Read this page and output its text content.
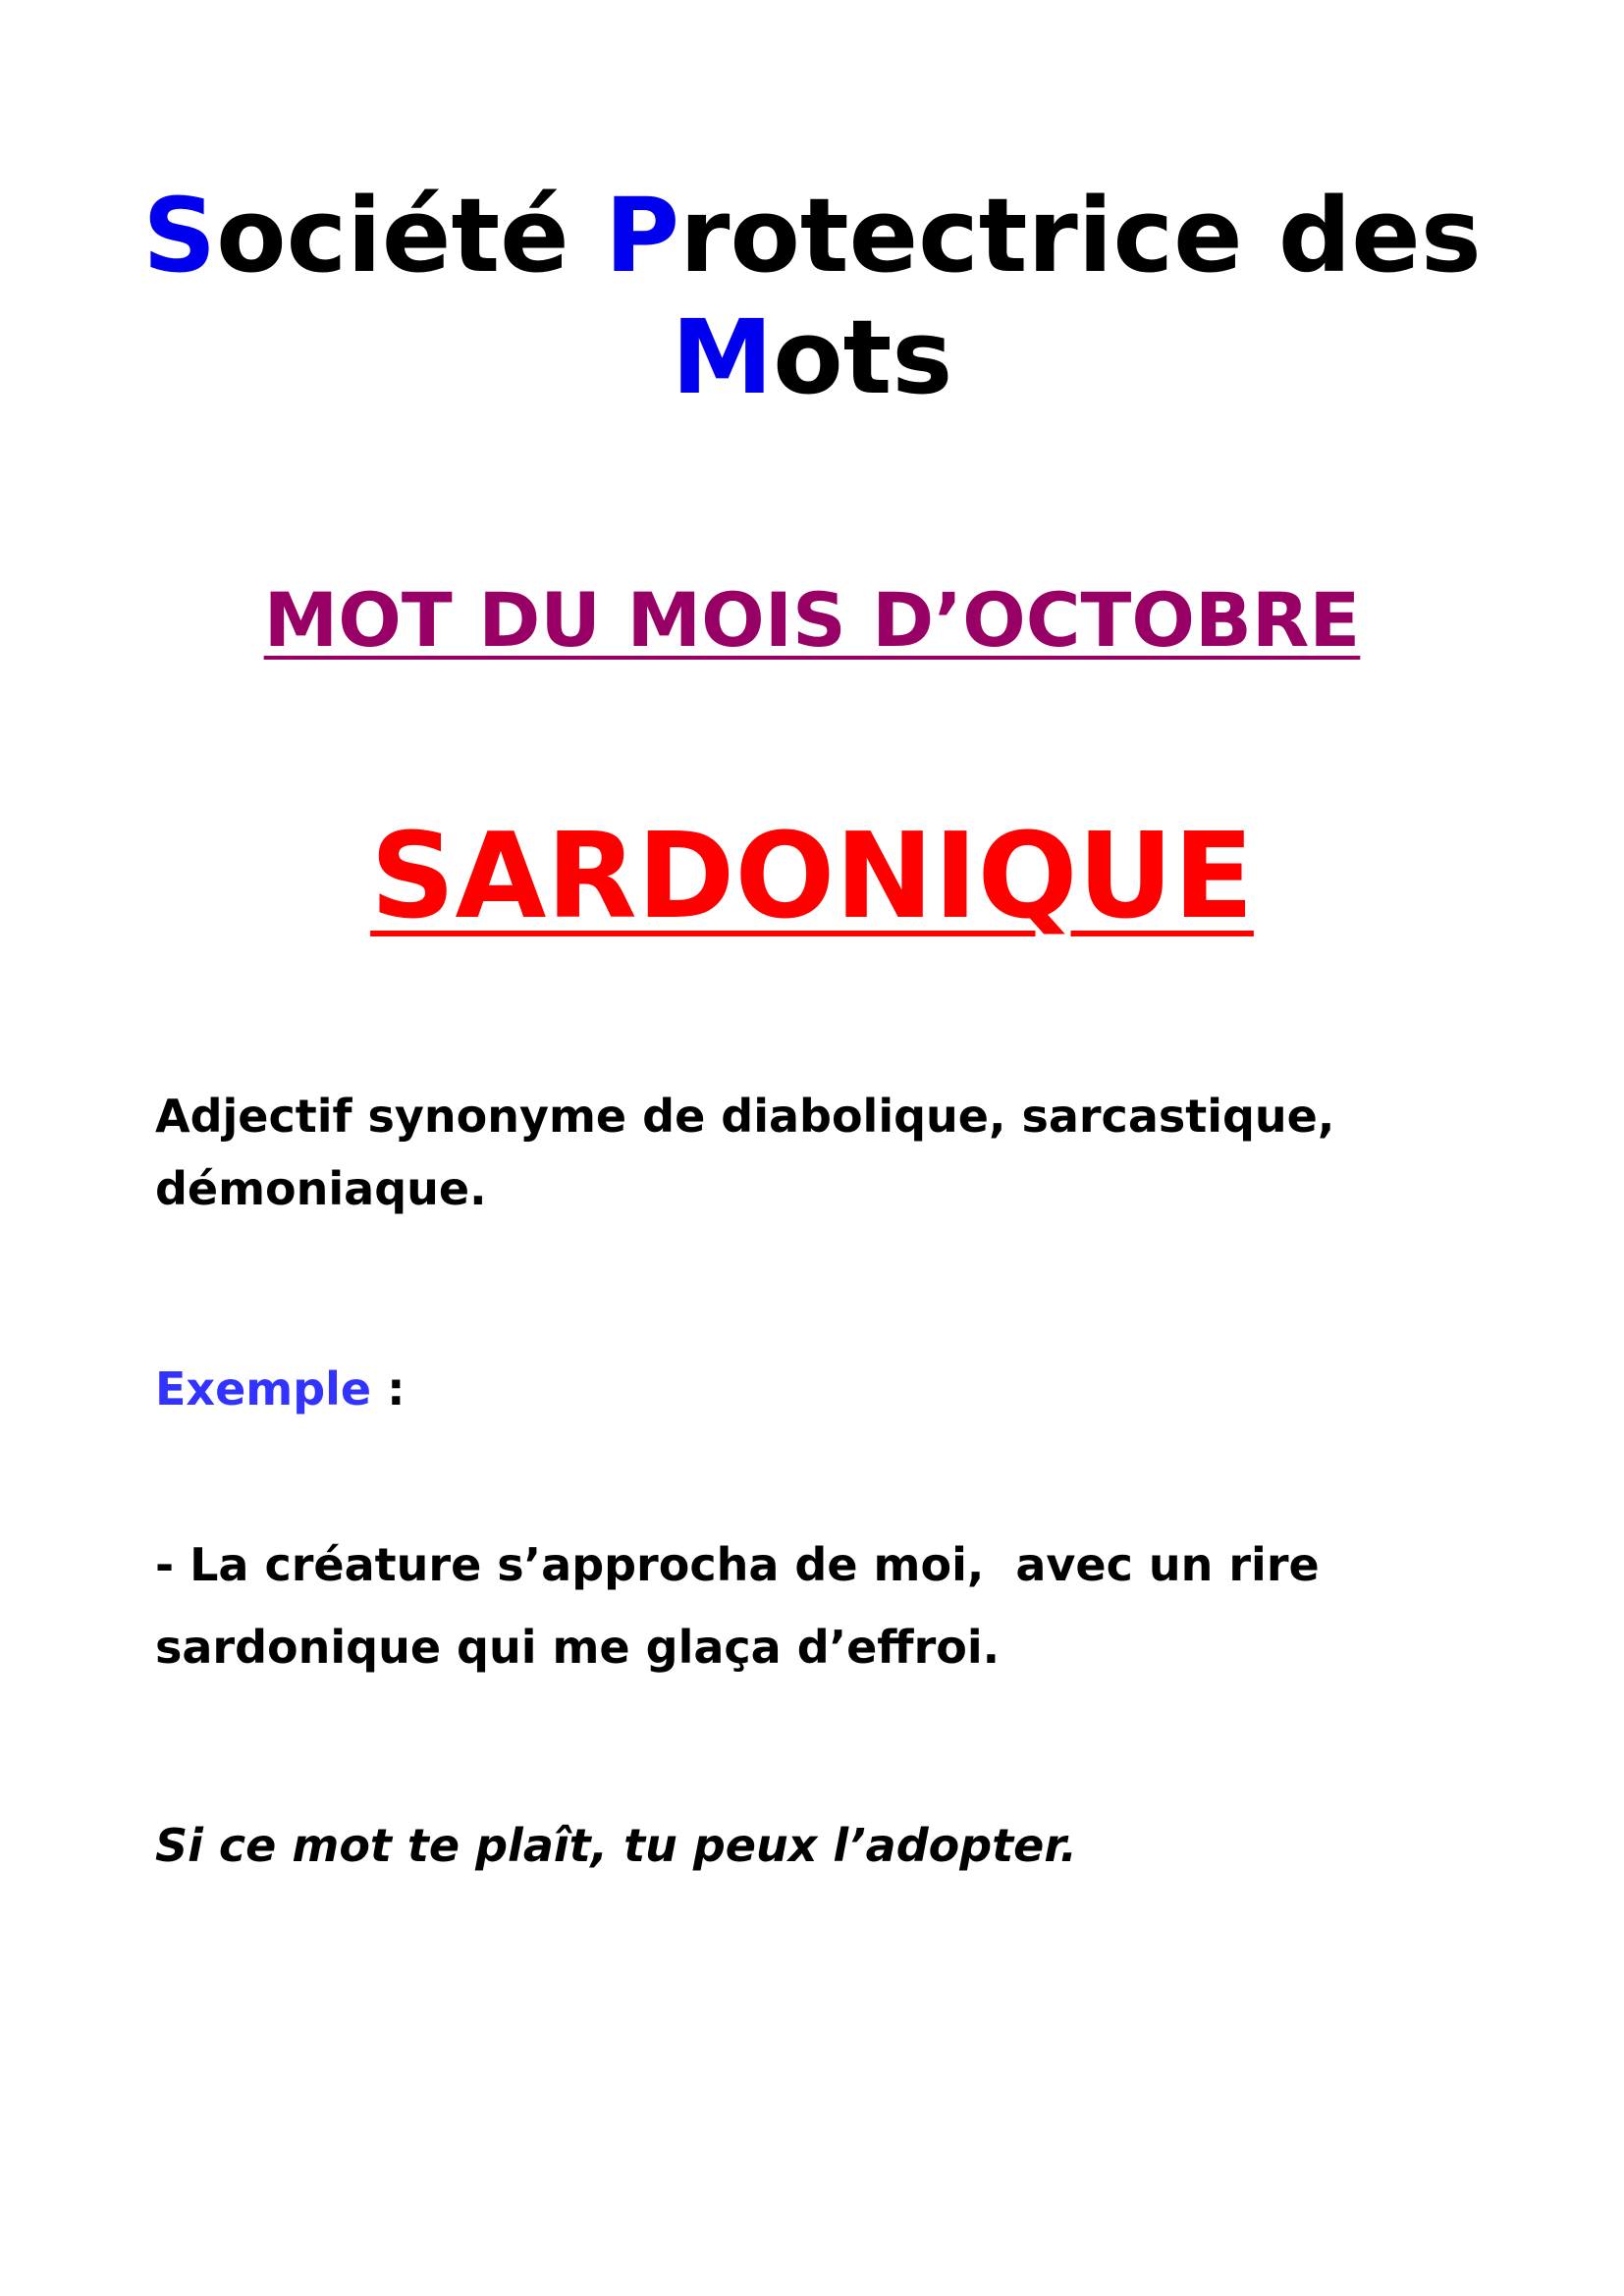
Société Protectrice des
Mots
MOT DU MOIS D’OCTOBRE
SARDONIQUE

Adjectif synonyme de diabolique, sarcastique,
démoniaque.

Exemple :

- La créature s’approcha de moi,  avec un rire
sardonique qui me glaça d’effroi.

Si ce mot te plaît, tu peux l’adopter.
